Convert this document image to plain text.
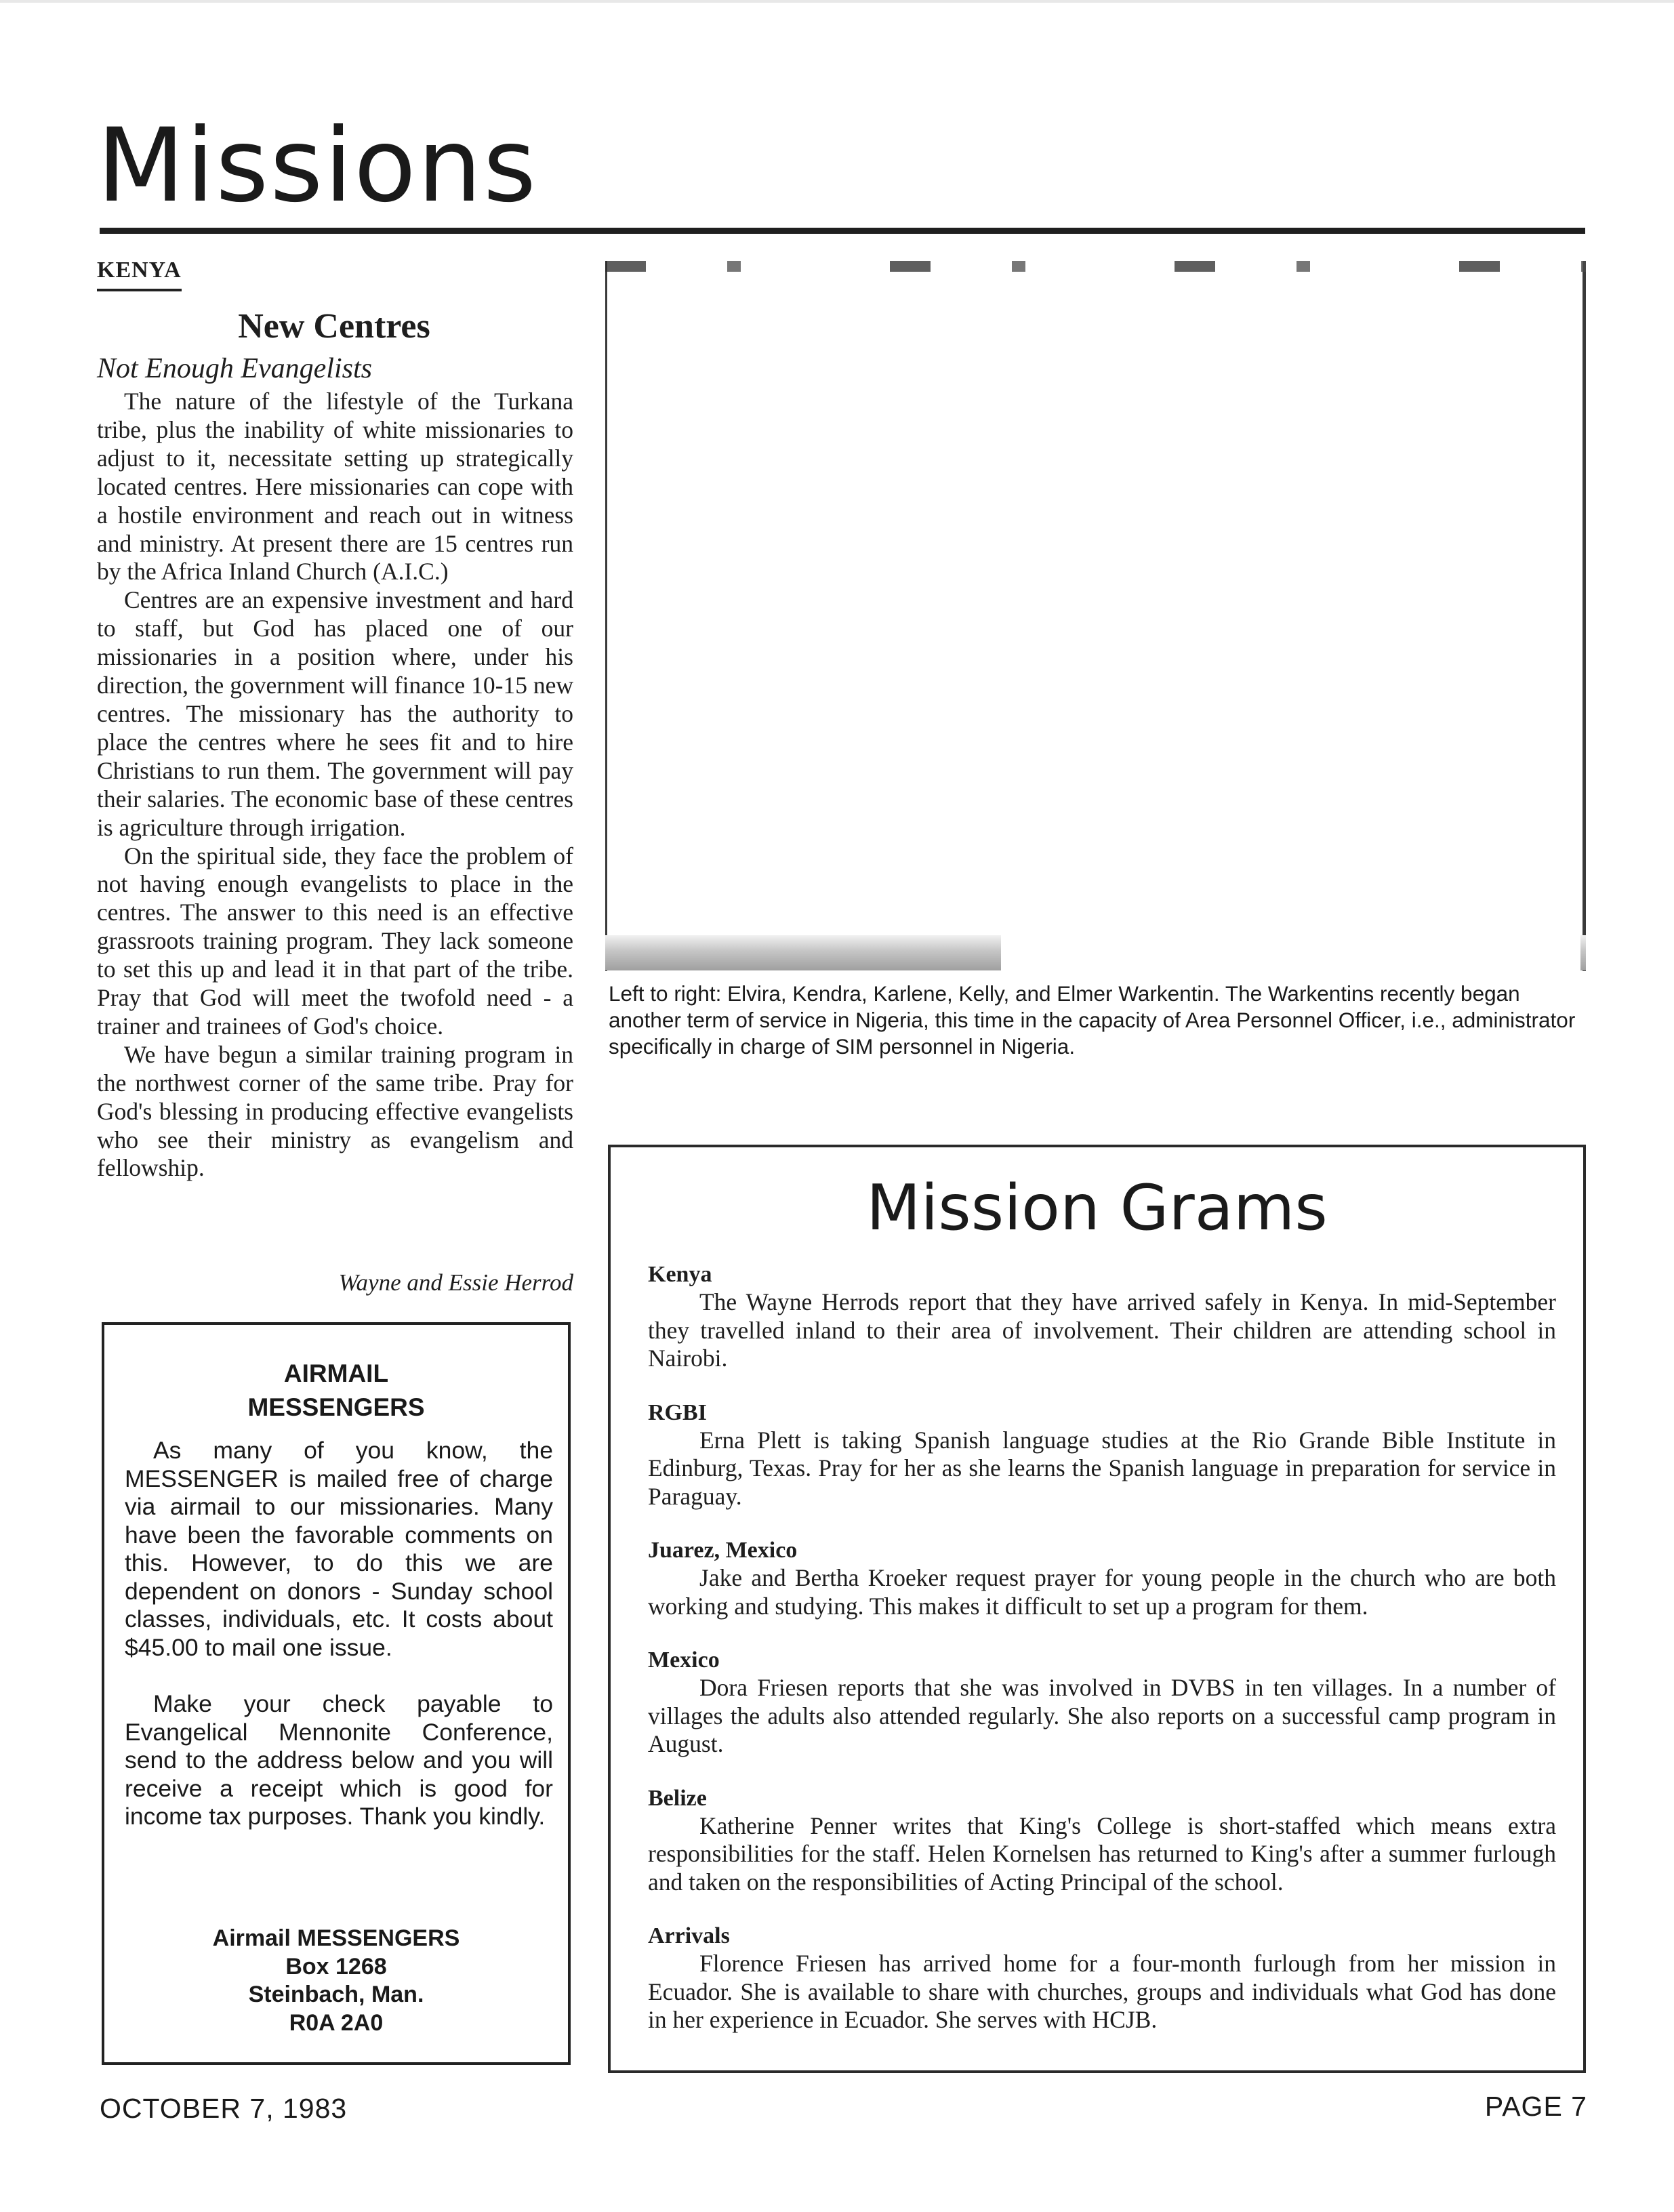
Missions
KENYA
New Centres
Not Enough Evangelists

The nature of the lifestyle of the Turkana tribe, plus the inability of white missionaries to adjust to it, necessitate setting up strategically located centres. Here missionaries can cope with a hostile environment and reach out in witness and ministry. At present there are 15 centres run by the Africa Inland Church (A.I.C.)

Centres are an expensive investment and hard to staff, but God has placed one of our missionaries in a position where, under his direction, the government will finance 10-15 new centres. The missionary has the authority to place the centres where he sees fit and to hire Christians to run them. The government will pay their salaries. The economic base of these centres is agriculture through irrigation.

On the spiritual side, they face the problem of not having enough evangelists to place in the centres. The answer to this need is an effective grassroots training program. They lack someone to set this up and lead it in that part of the tribe. Pray that God will meet the twofold need - a trainer and trainees of God's choice.

We have begun a similar training program in the northwest corner of the same tribe. Pray for God's blessing in producing effective evangelists who see their ministry as evangelism and fellowship.

Wayne and Essie Herrod
AIRMAIL
MESSENGERS

As many of you know, the MESSENGER is mailed free of charge via airmail to our missionaries. Many have been the favorable comments on this. However, to do this we are dependent on donors - Sunday school classes, individuals, etc. It costs about $45.00 to mail one issue.

Make your check payable to Evangelical Mennonite Conference, send to the address below and you will receive a receipt which is good for income tax purposes. Thank you kindly.

Airmail MESSENGERS
Box 1268
Steinbach, Man.
R0A 2A0
Left to right: Elvira, Kendra, Karlene, Kelly, and Elmer Warkentin. The Warkentins recently began another term of service in Nigeria, this time in the capacity of Area Personnel Officer, i.e., administrator specifically in charge of SIM personnel in Nigeria.
Mission Grams
Kenya

The Wayne Herrods report that they have arrived safely in Kenya. In mid-September they travelled inland to their area of involvement. Their children are attending school in Nairobi.

RGBI

Erna Plett is taking Spanish language studies at the Rio Grande Bible Institute in Edinburg, Texas. Pray for her as she learns the Spanish language in preparation for service in Paraguay.

Juarez, Mexico

Jake and Bertha Kroeker request prayer for young people in the church who are both working and studying. This makes it difficult to set up a program for them.

Mexico

Dora Friesen reports that she was involved in DVBS in ten villages. In a number of villages the adults also attended regularly. She also reports on a successful camp program in August.

Belize

Katherine Penner writes that King's College is short-staffed which means extra responsibilities for the staff. Helen Kornelsen has returned to King's after a summer furlough and taken on the responsibilities of Acting Principal of the school.

Arrivals

Florence Friesen has arrived home for a four-month furlough from her mission in Ecuador. She is available to share with churches, groups and individuals what God has done in her experience in Ecuador. She serves with HCJB.

OCTOBER 7, 1983	PAGE 7
